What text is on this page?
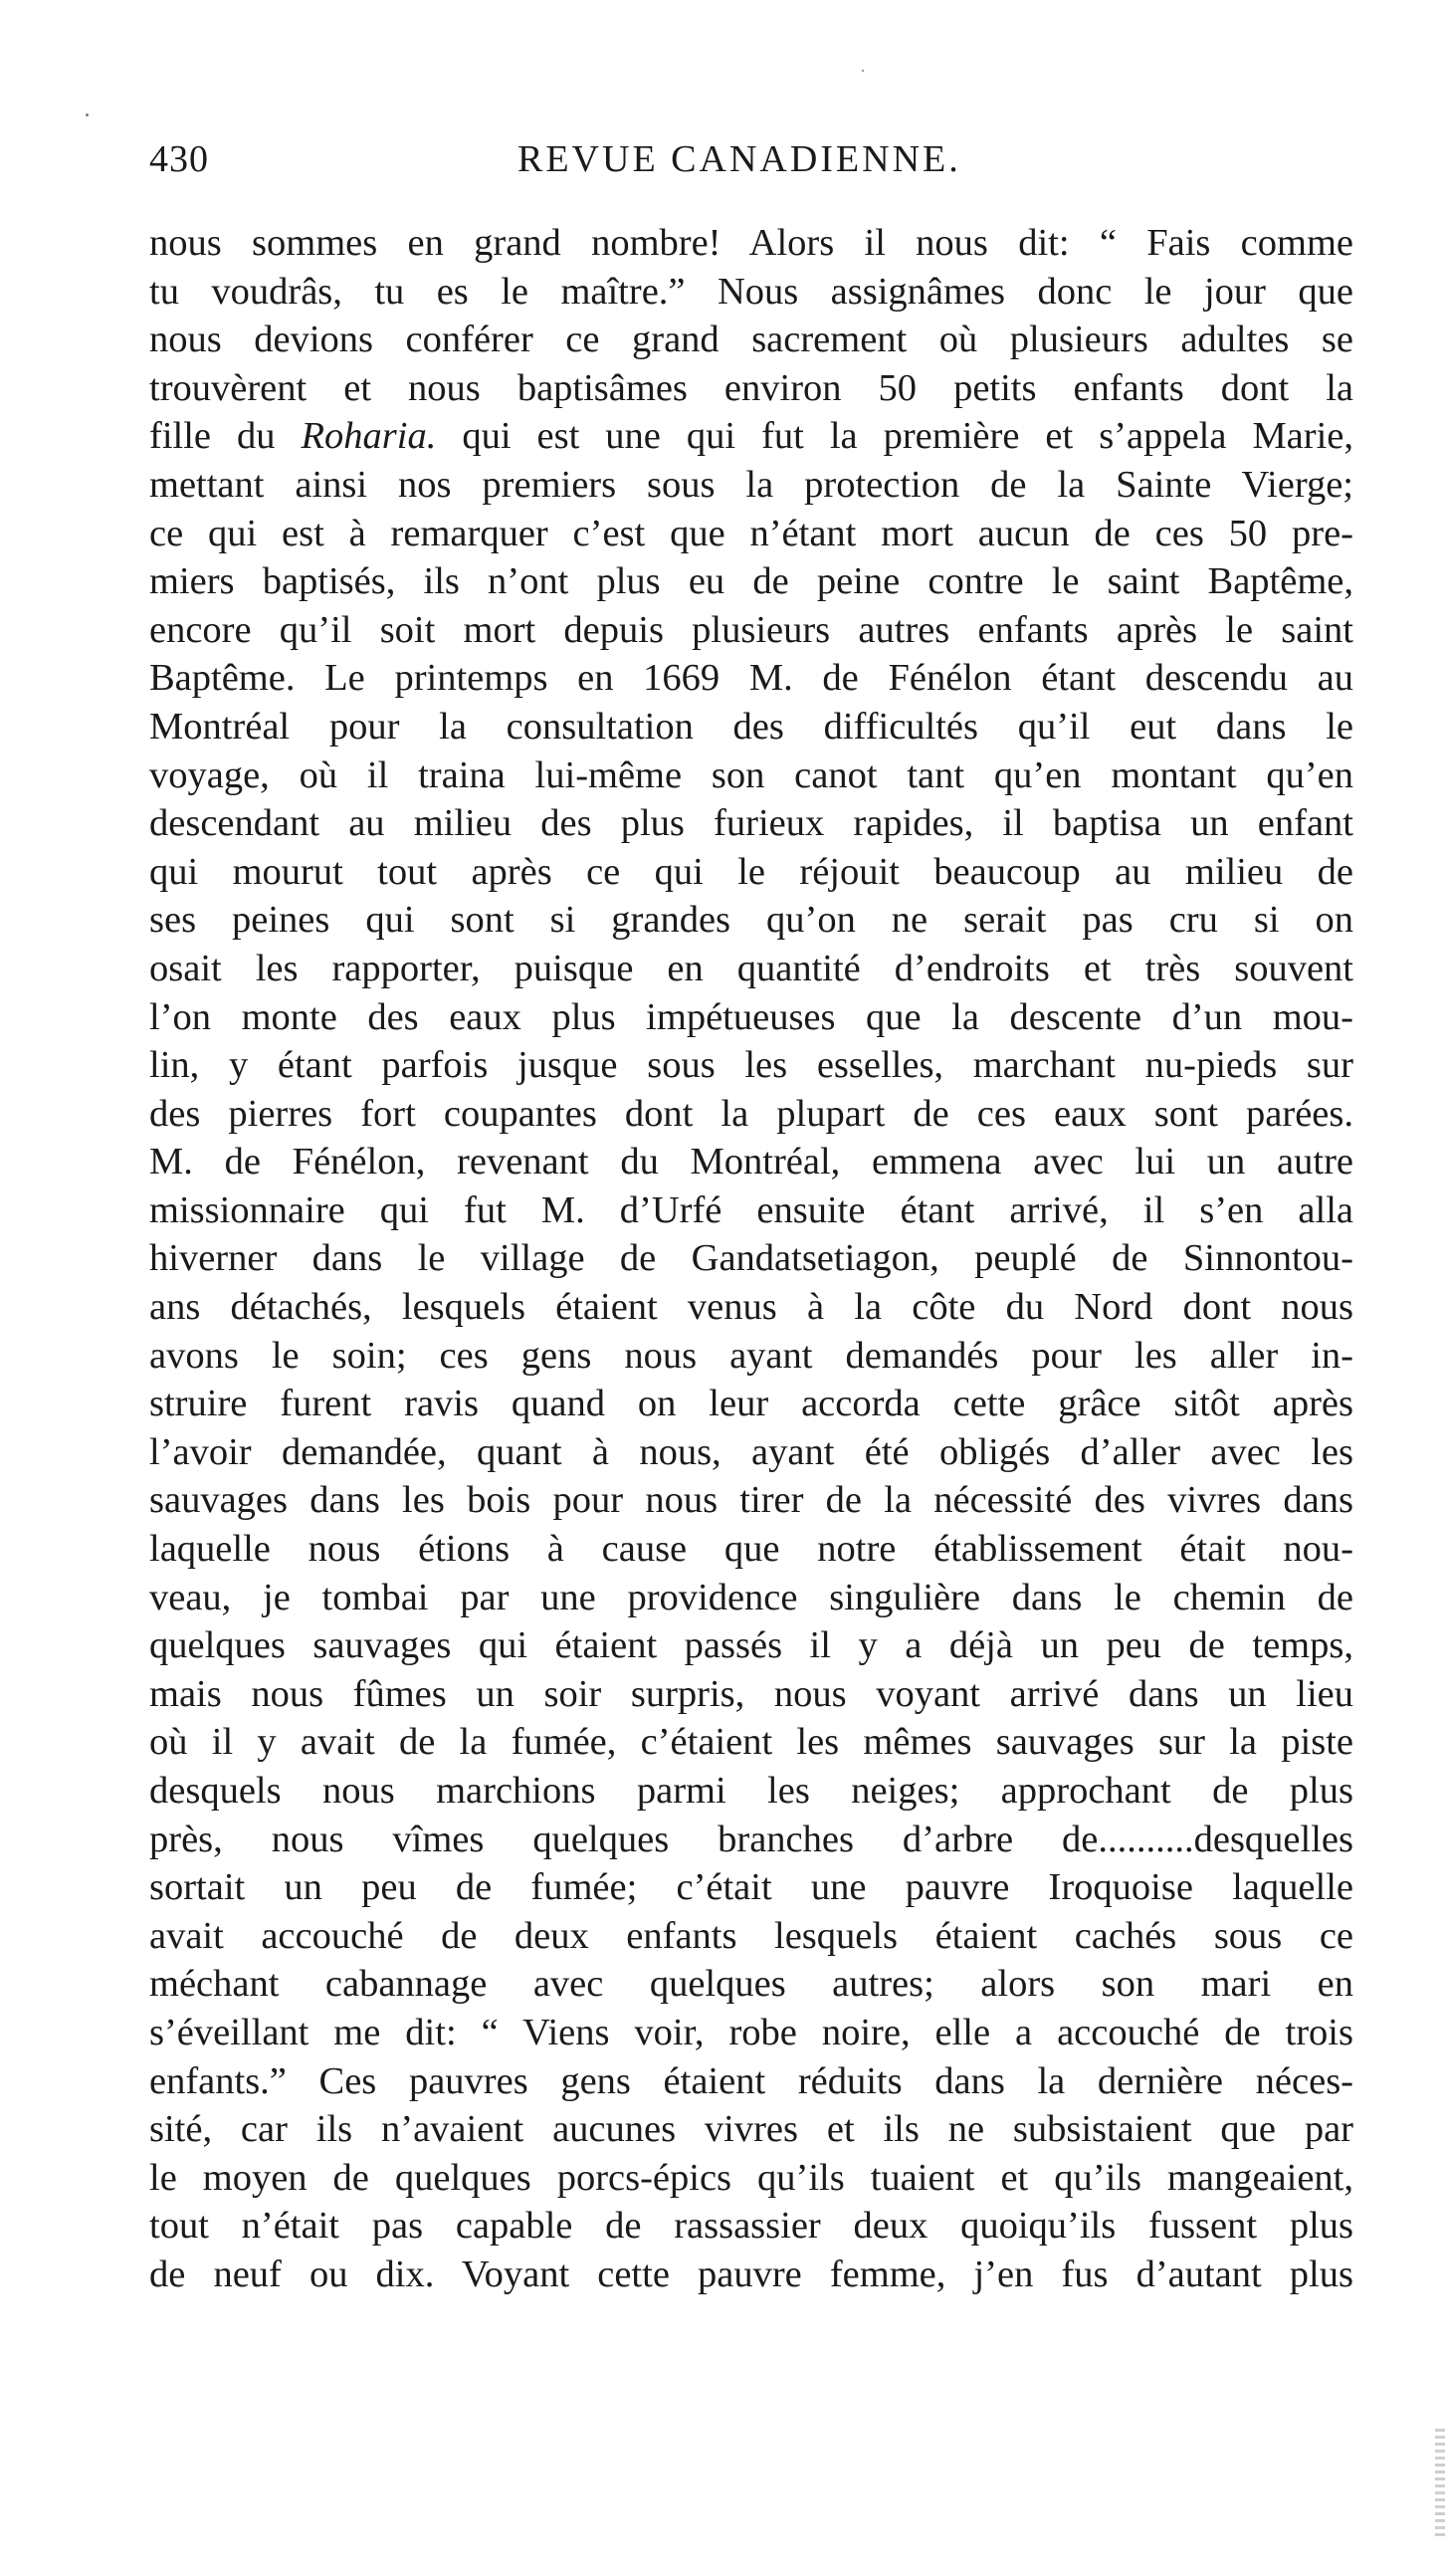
430	REVUE CANADIENNE.
nous sommes en grand nombre! Alors il nous dit: “ Fais comme
tu voudrâs, tu es le maître.” Nous assignâmes donc le jour que
nous devions conférer ce grand sacrement où plusieurs adultes se
trouvèrent et nous baptisâmes environ 50 petits enfants dont la
fille du Roharia. qui est une qui fut la première et s’appela Marie,
mettant ainsi nos premiers sous la protection de la Sainte Vierge;
ce qui est à remarquer c’est que n’étant mort aucun de ces 50 pre-
miers baptisés, ils n’ont plus eu de peine contre le saint Baptême,
encore qu’il soit mort depuis plusieurs autres enfants après le saint
Baptême. Le printemps en 1669 M. de Fénélon étant descendu au
Montréal pour la consultation des difficultés qu’il eut dans le
voyage, où il traina lui-même son canot tant qu’en montant qu’en
descendant au milieu des plus furieux rapides, il baptisa un enfant
qui mourut tout après ce qui le réjouit beaucoup au milieu de
ses peines qui sont si grandes qu’on ne serait pas cru si on
osait les rapporter, puisque en quantité d’endroits et très souvent
l’on monte des eaux plus impétueuses que la descente d’un mou-
lin, y étant parfois jusque sous les esselles, marchant nu-pieds sur
des pierres fort coupantes dont la plupart de ces eaux sont parées.
M. de Fénélon, revenant du Montréal, emmena avec lui un autre
missionnaire qui fut M. d’Urfé ensuite étant arrivé, il s’en alla
hiverner dans le village de Gandatsetiagon, peuplé de Sinnontou-
ans détachés, lesquels étaient venus à la côte du Nord dont nous
avons le soin; ces gens nous ayant demandés pour les aller in-
struire furent ravis quand on leur accorda cette grâce sitôt après
l’avoir demandée, quant à nous, ayant été obligés d’aller avec les
sauvages dans les bois pour nous tirer de la nécessité des vivres dans
laquelle nous étions à cause que notre établissement était nou-
veau, je tombai par une providence singulière dans le chemin de
quelques sauvages qui étaient passés il y a déjà un peu de temps,
mais nous fûmes un soir surpris, nous voyant arrivé dans un lieu
où il y avait de la fumée, c’étaient les mêmes sauvages sur la piste
desquels nous marchions parmi les neiges; approchant de plus
près, nous vîmes quelques branches d’arbre de..........desquelles
sortait un peu de fumée; c’était une pauvre Iroquoise laquelle
avait accouché de deux enfants lesquels étaient cachés sous ce
méchant cabannage avec quelques autres; alors son mari en
s’éveillant me dit: “ Viens voir, robe noire, elle a accouché de trois
enfants.” Ces pauvres gens étaient réduits dans la dernière néces-
sité, car ils n’avaient aucunes vivres et ils ne subsistaient que par
le moyen de quelques porcs-épics qu’ils tuaient et qu’ils mangeaient,
tout n’était pas capable de rassassier deux quoiqu’ils fussent plus
de neuf ou dix. Voyant cette pauvre femme, j’en fus d’autant plus
